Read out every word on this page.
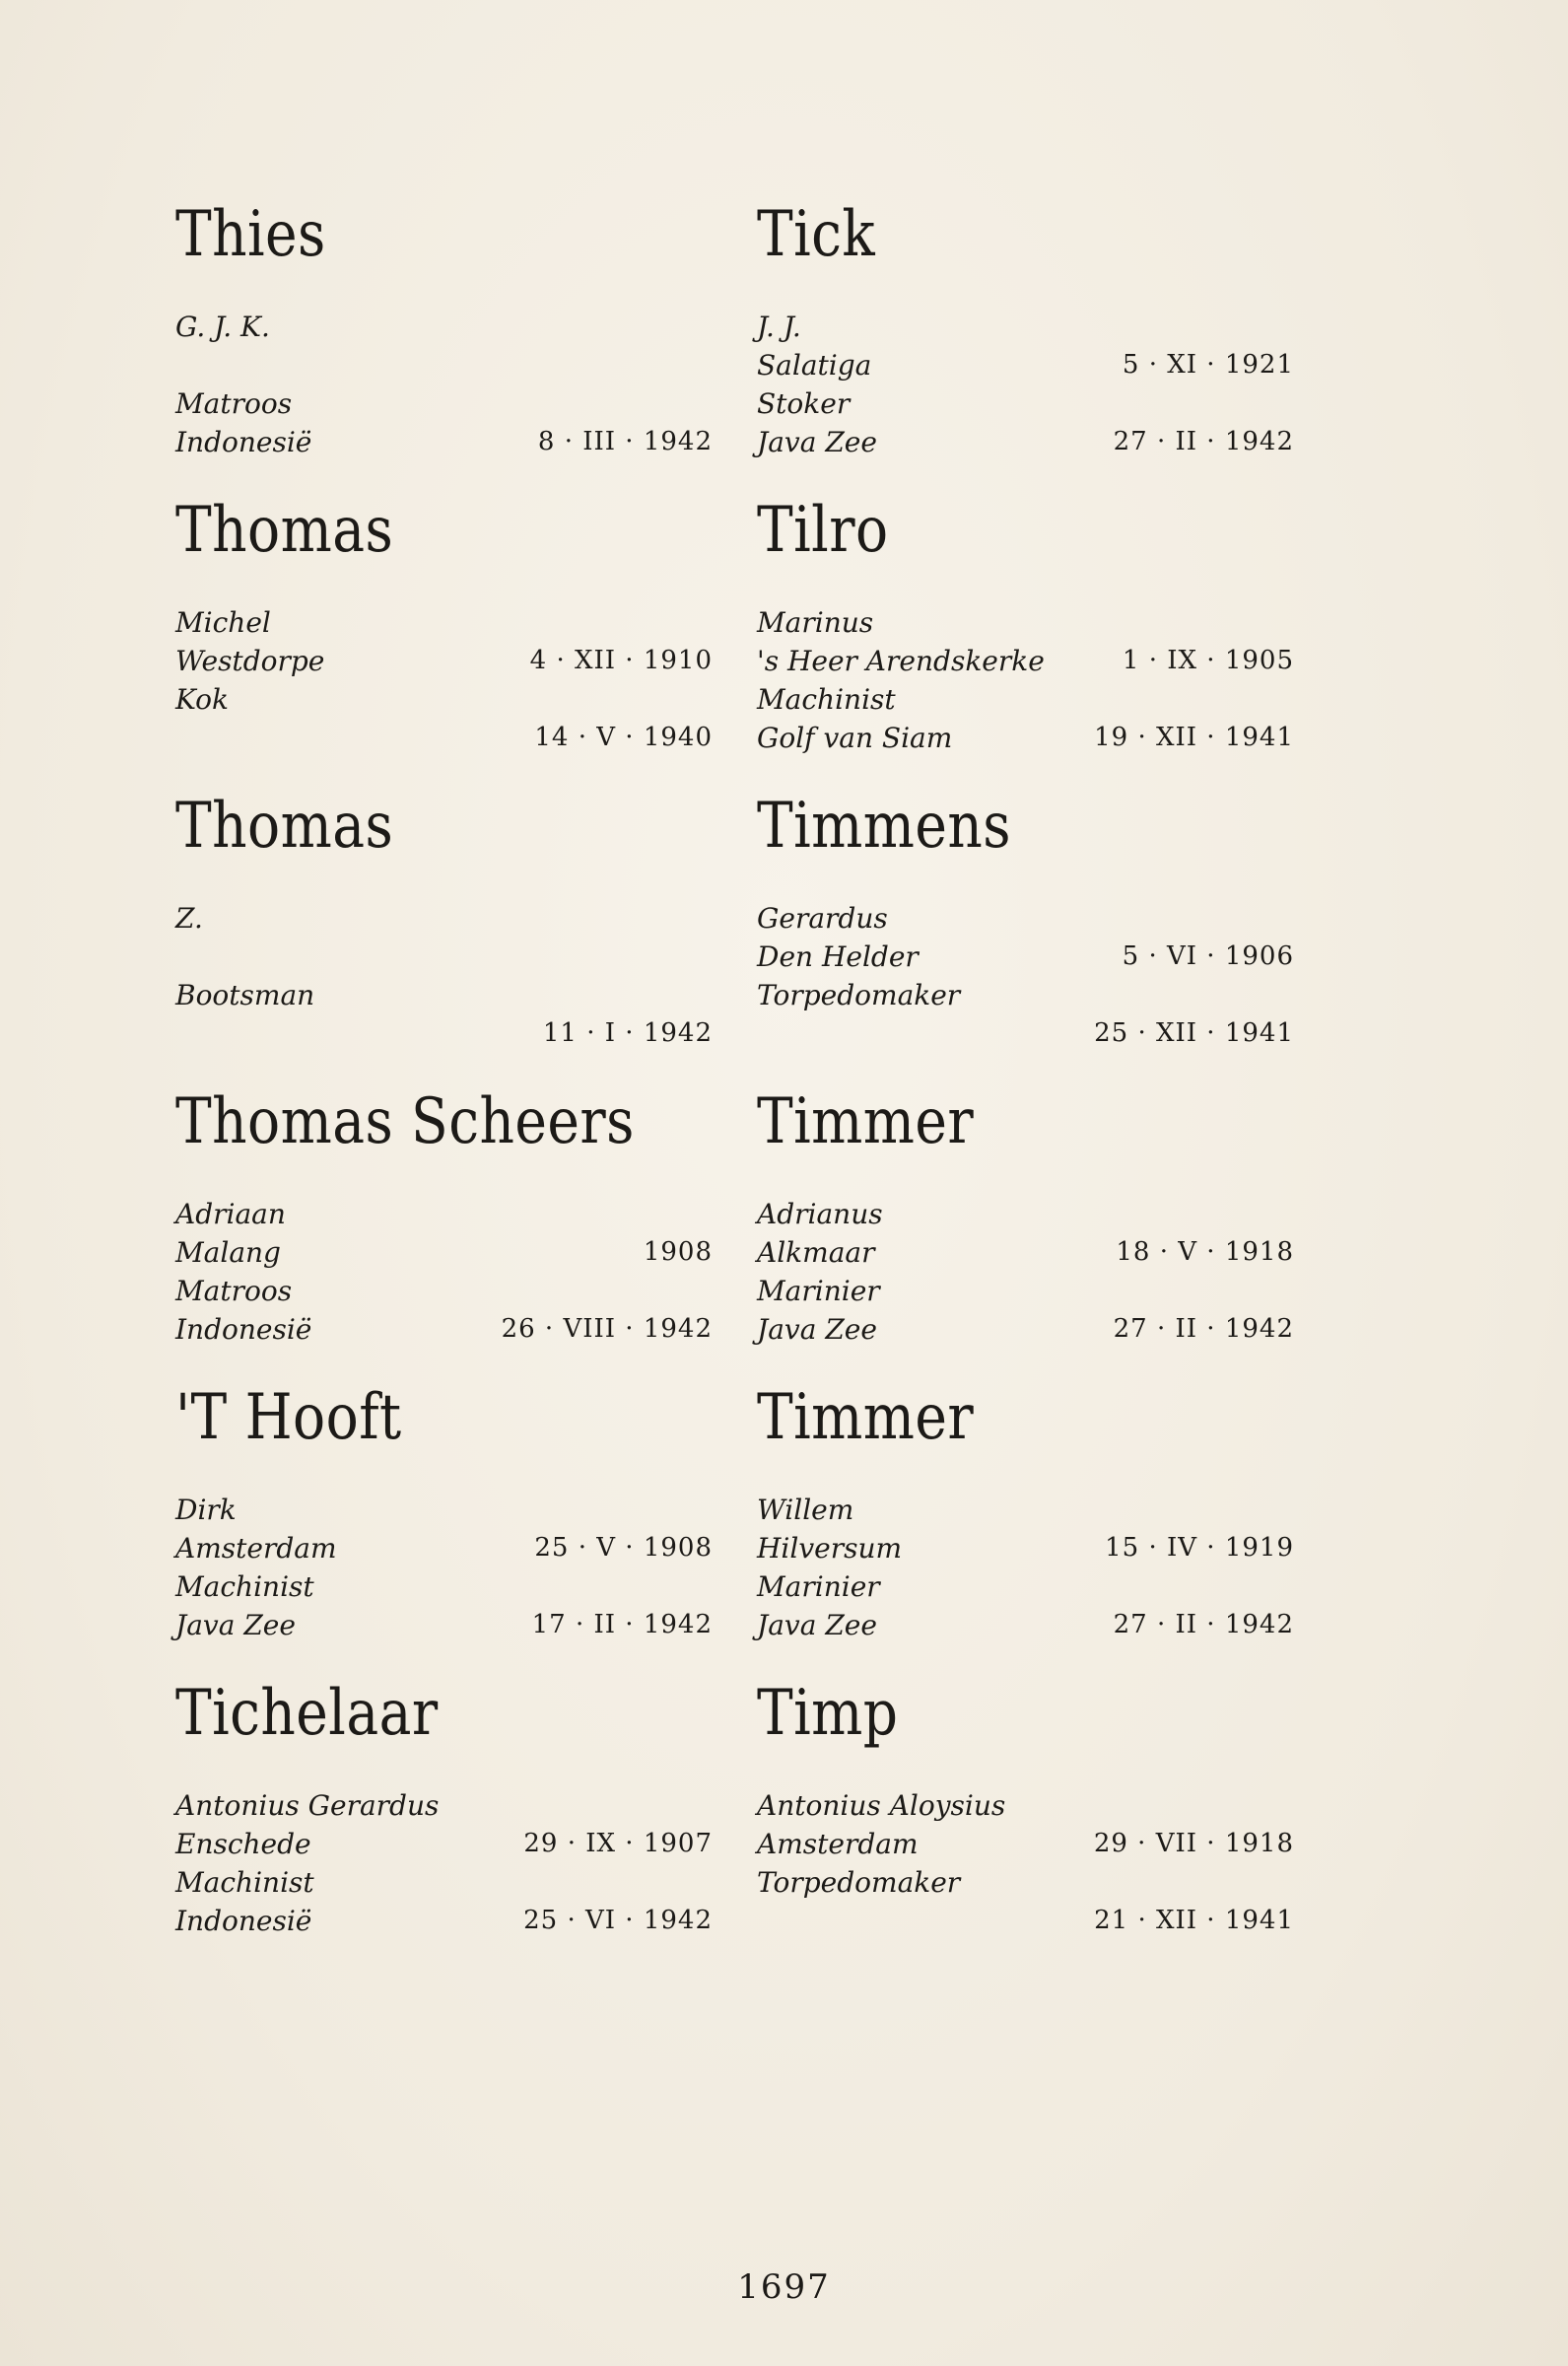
Thies
G. J. K.
Matroos
Indonesië	8 · III · 1942
Thomas
Michel
Westdorpe	4 · XII · 1910
Kok
14 · V · 1940
Thomas
Z.
Bootsman
11 · I · 1942
Thomas Scheers
Adriaan
Malang	1908
Matroos
Indonesië	26 · VIII · 1942
'T Hooft
Dirk
Amsterdam	25 · V · 1908
Machinist
Java Zee	17 · II · 1942
Tichelaar
Antonius Gerardus
Enschede	29 · IX · 1907
Machinist
Indonesië	25 · VI · 1942
Tick
J. J.
Salatiga	5 · XI · 1921
Stoker
Java Zee	27 · II · 1942
Tilro
Marinus
's Heer Arendskerke	1 · IX · 1905
Machinist
Golf van Siam	19 · XII · 1941
Timmens
Gerardus
Den Helder	5 · VI · 1906
Torpedomaker
25 · XII · 1941
Timmer
Adrianus
Alkmaar	18 · V · 1918
Marinier
Java Zee	27 · II · 1942
Timmer
Willem
Hilversum	15 · IV · 1919
Marinier
Java Zee	27 · II · 1942
Timp
Antonius Aloysius
Amsterdam	29 · VII · 1918
Torpedomaker
21 · XII · 1941
1697
